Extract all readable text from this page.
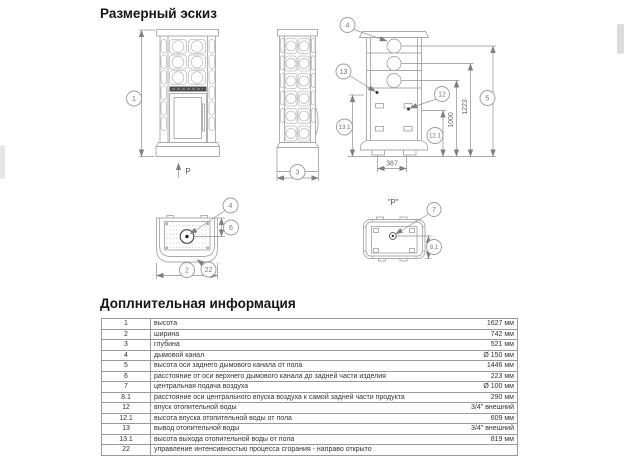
Размерный эскиз
1
P	3
387
13.1
12.1
1000
1223
5
4
13
12
4
6
2 22
"P"
7
8.1
Доплнительная информация
1	высота 1627 мм

2	ширина 742 мм

3	глубина 521 мм

4	дымовой канал Ø 150 мм

5	высота оси заднего дымового канала от пола 1446 мм

6	расстояние от оси верхнего дымового канала до задней части изделия 223 мм

7	центральная подача воздуха Ø 100 мм

8.1	расстояние оси центрального впуска воздуха к самой задней части продукта 290 мм

12	впуск отопительной воды 3/4" внешний

12.1	высота впуска отопительной воды от пола 609 мм

13	вывод отопительной воды 3/4" внешний

13.1	высота выхода отопительной воды от пола 819 мм

22	управление интенсивностью процесса сгорания - направо открыто
